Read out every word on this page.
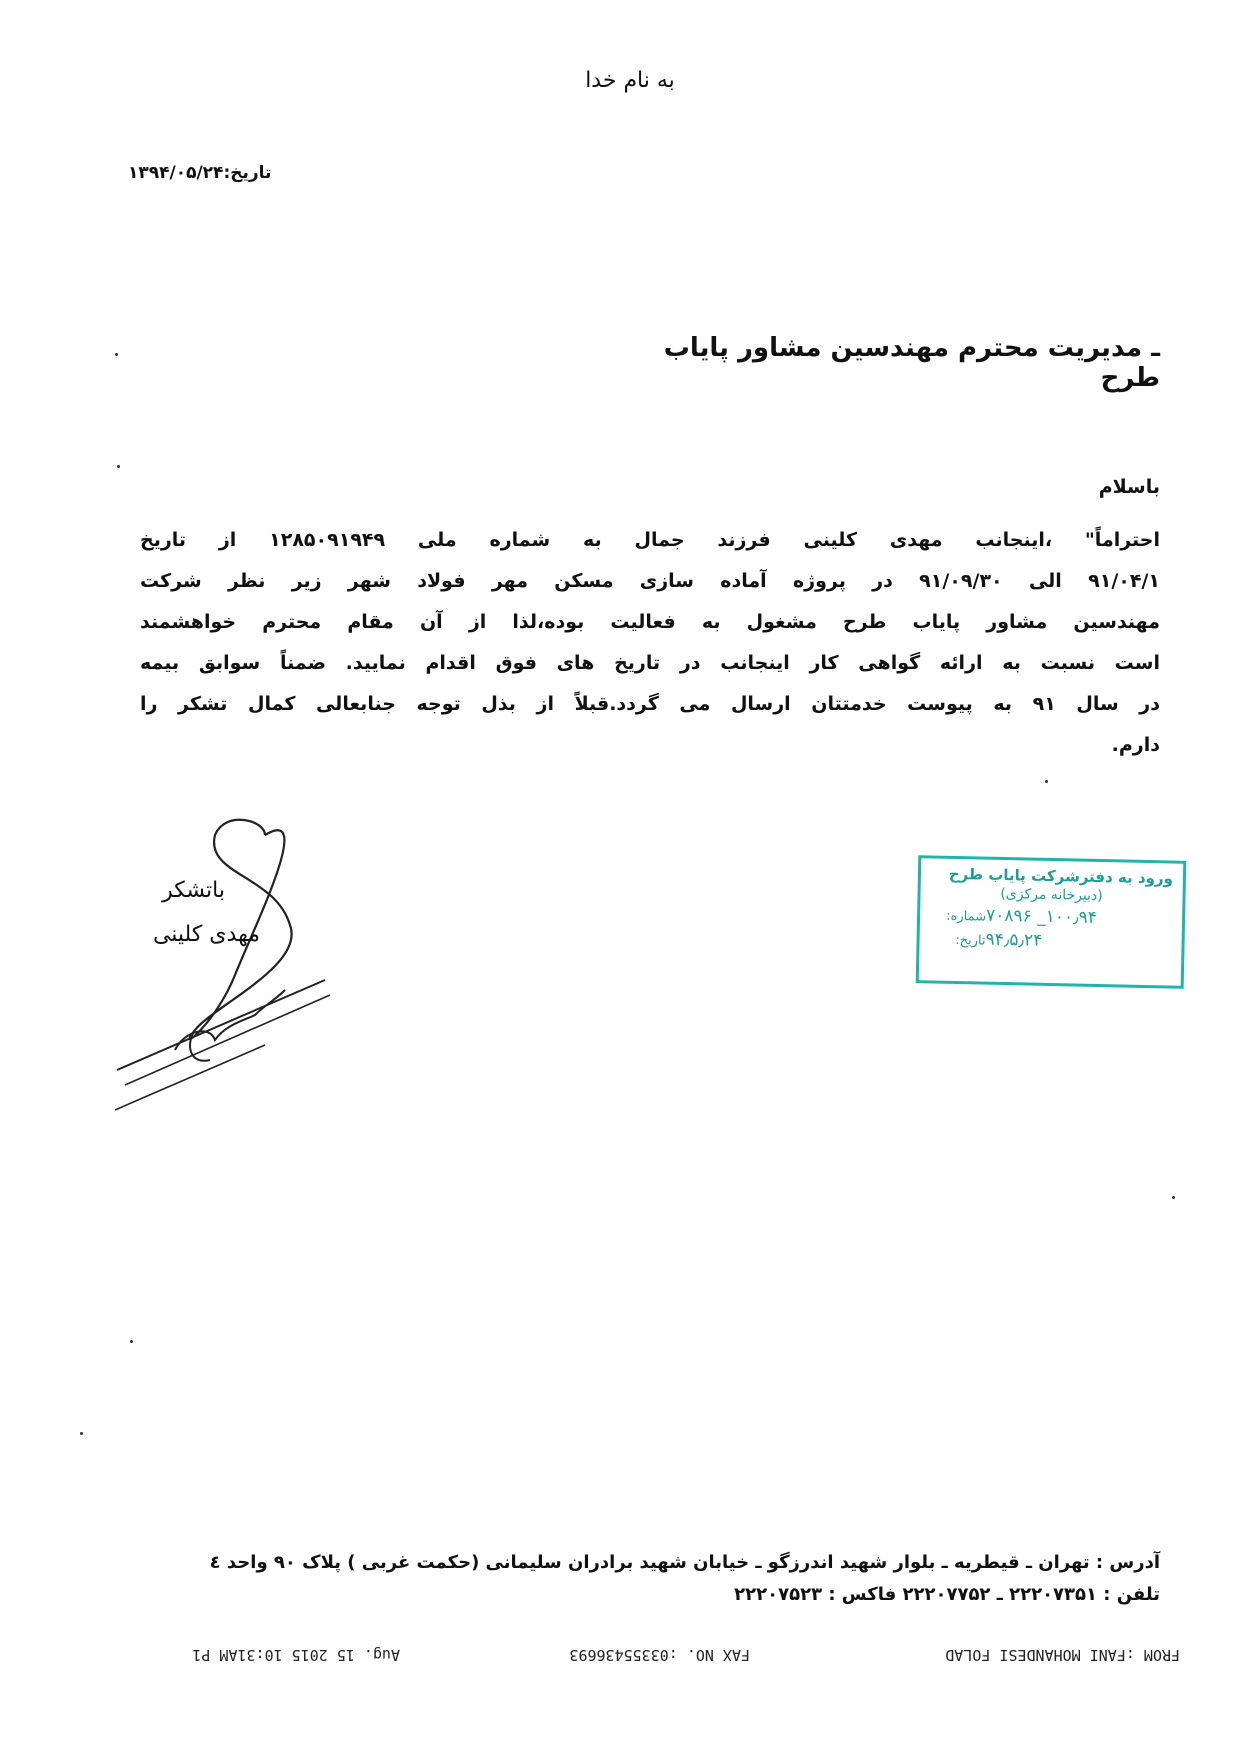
به نام خدا
تاریخ:۱۳۹۴/۰۵/۲۴
ـ مدیریت محترم مهندسین مشاور پایاب طرح
باسلام
احتراماً" ،اینجانب مهدی کلینی فرزند جمال به شماره ملی ۱۲۸۵۰۹۱۹۴۹ از تاریخ
۹۱/۰۴/۱ الی ۹۱/۰۹/۳۰ در پروژه آماده سازی مسکن مهر فولاد شهر زیر نظر شرکت
مهندسین مشاور پایاب طرح مشغول به فعالیت بوده،لذا از آن مقام محترم خواهشمند
است نسبت به ارائه گواهی کار اینجانب در تاریخ های فوق اقدام نمایید. ضمناً سوابق بیمه
در سال ۹۱ به پیوست خدمتتان ارسال می گردد.قبلاً از بذل توجه جنابعالی کمال تشکر را
دارم.
باتشکر
مهدی کلینی
ورود به دفترشرکت پایاب طرح
(دبیرخانه مرکزی)
شماره: ۱۰۰٫۹۴_ ۷۰۸۹۶
تاریخ: ۹۴٫۵٫۲۴
آدرس : تهران ـ قیطریه ـ بلوار شهید اندرزگو ـ خیابان شهید برادران سلیمانی (حکمت غربی ) پلاک ۹۰ واحد ٤
تلفن : ۲۲۲۰۷۳۵۱ ـ ۲۲۲۰۷۷۵۲ فاکس : ۲۲۲۰۷۵۲۳
FROM :FANI MOHANDESI FOLAD
FAX NO. :03355436693
Aug. 15 2015 10:31AM P1
